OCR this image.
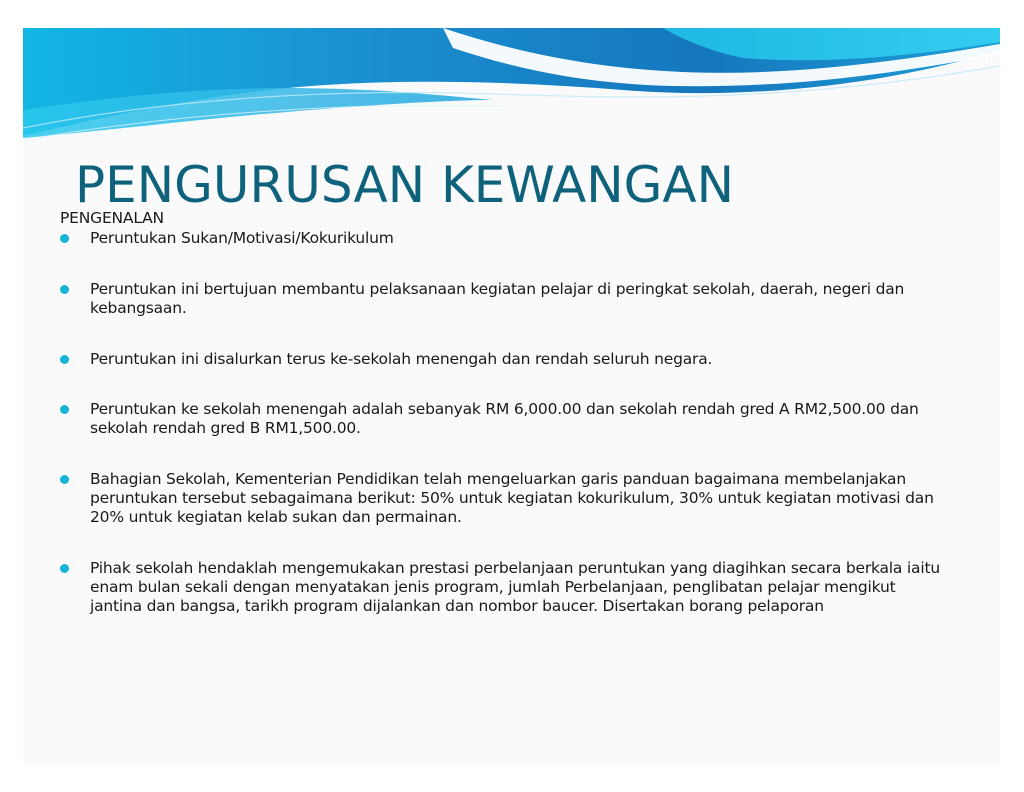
PENGURUSAN KEWANGAN
PENGENALAN
Peruntukan Sukan/Motivasi/Kokurikulum
Peruntukan ini bertujuan membantu pelaksanaan kegiatan pelajar di peringkat sekolah, daerah, negeri dan kebangsaan.
Peruntukan ini disalurkan terus ke-sekolah menengah dan rendah seluruh negara.
Peruntukan ke sekolah menengah adalah sebanyak RM 6,000.00 dan sekolah rendah gred A RM2,500.00 dan sekolah rendah gred B RM1,500.00.
Bahagian Sekolah, Kementerian Pendidikan telah mengeluarkan garis panduan bagaimana membelanjakan peruntukan tersebut sebagaimana berikut: 50% untuk kegiatan kokurikulum, 30% untuk kegiatan motivasi dan 20% untuk kegiatan kelab sukan dan permainan.
Pihak sekolah hendaklah mengemukakan prestasi perbelanjaan peruntukan yang diagihkan secara berkala iaitu enam bulan sekali dengan menyatakan jenis program, jumlah Perbelanjaan, penglibatan pelajar mengikut jantina dan bangsa, tarikh program dijalankan dan nombor baucer. Disertakan borang pelaporan
